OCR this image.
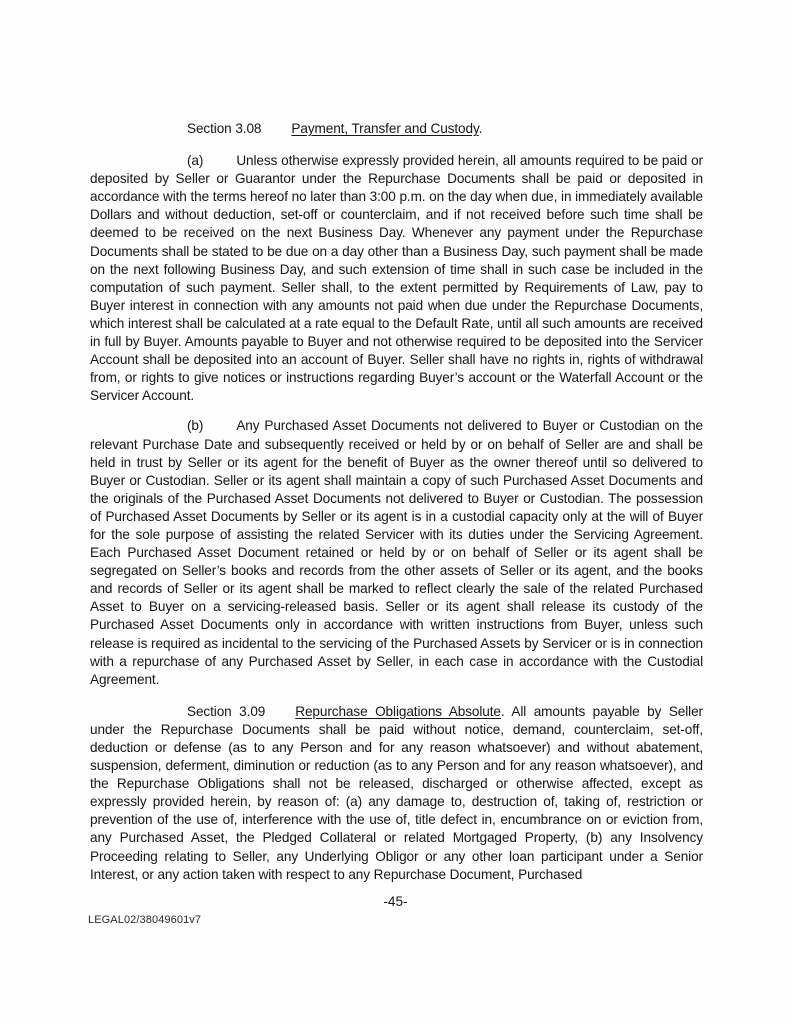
Section 3.08 Payment, Transfer and Custody.

(a) Unless otherwise expressly provided herein, all amounts required to be paid or deposited by Seller or Guarantor under the Repurchase Documents shall be paid or deposited in accordance with the terms hereof no later than 3:00 p.m. on the day when due, in immediately available Dollars and without deduction, set-off or counterclaim, and if not received before such time shall be deemed to be received on the next Business Day. Whenever any payment under the Repurchase Documents shall be stated to be due on a day other than a Business Day, such payment shall be made on the next following Business Day, and such extension of time shall in such case be included in the computation of such payment. Seller shall, to the extent permitted by Requirements of Law, pay to Buyer interest in connection with any amounts not paid when due under the Repurchase Documents, which interest shall be calculated at a rate equal to the Default Rate, until all such amounts are received in full by Buyer. Amounts payable to Buyer and not otherwise required to be deposited into the Servicer Account shall be deposited into an account of Buyer. Seller shall have no rights in, rights of withdrawal from, or rights to give notices or instructions regarding Buyer’s account or the Waterfall Account or the Servicer Account.

(b) Any Purchased Asset Documents not delivered to Buyer or Custodian on the relevant Purchase Date and subsequently received or held by or on behalf of Seller are and shall be held in trust by Seller or its agent for the benefit of Buyer as the owner thereof until so delivered to Buyer or Custodian. Seller or its agent shall maintain a copy of such Purchased Asset Documents and the originals of the Purchased Asset Documents not delivered to Buyer or Custodian. The possession of Purchased Asset Documents by Seller or its agent is in a custodial capacity only at the will of Buyer for the sole purpose of assisting the related Servicer with its duties under the Servicing Agreement. Each Purchased Asset Document retained or held by or on behalf of Seller or its agent shall be segregated on Seller’s books and records from the other assets of Seller or its agent, and the books and records of Seller or its agent shall be marked to reflect clearly the sale of the related Purchased Asset to Buyer on a servicing-released basis. Seller or its agent shall release its custody of the Purchased Asset Documents only in accordance with written instructions from Buyer, unless such release is required as incidental to the servicing of the Purchased Assets by Servicer or is in connection with a repurchase of any Purchased Asset by Seller, in each case in accordance with the Custodial Agreement.

Section 3.09 Repurchase Obligations Absolute. All amounts payable by Seller under the Repurchase Documents shall be paid without notice, demand, counterclaim, set-off, deduction or defense (as to any Person and for any reason whatsoever) and without abatement, suspension, deferment, diminution or reduction (as to any Person and for any reason whatsoever), and the Repurchase Obligations shall not be released, discharged or otherwise affected, except as expressly provided herein, by reason of: (a) any damage to, destruction of, taking of, restriction or prevention of the use of, interference with the use of, title defect in, encumbrance on or eviction from, any Purchased Asset, the Pledged Collateral or related Mortgaged Property, (b) any Insolvency Proceeding relating to Seller, any Underlying Obligor or any other loan participant under a Senior Interest, or any action taken with respect to any Repurchase Document, Purchased

-45-
LEGAL02/38049601v7
